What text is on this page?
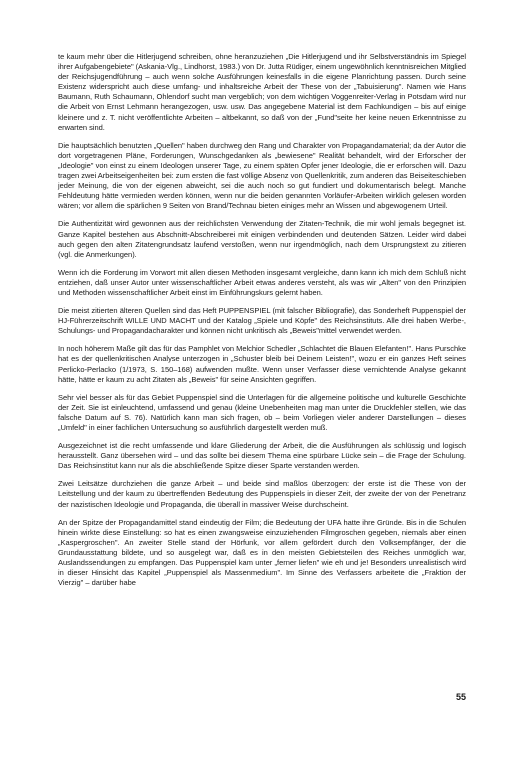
te kaum mehr über die Hitlerjugend schreiben, ohne heranzuziehen „Die Hitlerjugend und ihr Selbstverständnis im Spiegel ihrer Aufgabengebiete" (Askania-Vlg., Lindhorst, 1983.) von Dr. Jutta Rüdiger, einem ungewöhnlich kenntnisreichen Mitglied der Reichsjugendführung – auch wenn solche Ausführungen keinesfalls in die eigene Planrichtung passen. Durch seine Existenz widerspricht auch diese umfang- und inhaltsreiche Arbeit der These von der „Tabuisierung". Namen wie Hans Baumann, Ruth Schaumann, Ohlendorf sucht man vergeblich; von dem wichtigen Voggenreiter-Verlag in Potsdam wird nur die Arbeit von Ernst Lehmann herangezogen, usw. usw. Das angegebene Material ist dem Fachkundigen – bis auf einige kleinere und z. T. nicht veröffentlichte Arbeiten – altbekannt, so daß von der „Fund"seite her keine neuen Erkenntnisse zu erwarten sind.

Die hauptsächlich benutzten „Quellen" haben durchweg den Rang und Charakter von Propagandamaterial; da der Autor die dort vorgetragenen Pläne, Forderungen, Wunschgedanken als „bewiesene" Realität behandelt, wird der Erforscher der „Ideologie" von einst zu einem Ideologen unserer Tage, zu einem späten Opfer jener Ideologie, die er erforschen will. Dazu tragen zwei Arbeitseigenheiten bei: zum ersten die fast völlige Absenz von Quellenkritik, zum anderen das Beiseiteschieben jeder Meinung, die von der eigenen abweicht, sei die auch noch so gut fundiert und dokumentarisch belegt. Manche Fehldeutung hätte vermieden werden können, wenn nur die beiden genannten Vorläufer-Arbeiten wirklich gelesen worden wären; vor allem die spärlichen 9 Seiten von Brand/Technau bieten einiges mehr an Wissen und abgewogenem Urteil.

Die Authentizität wird gewonnen aus der reichlichsten Verwendung der Zitaten-Technik, die mir wohl jemals begegnet ist. Ganze Kapitel bestehen aus Abschnitt-Abschreiberei mit einigen verbindenden und deutenden Sätzen. Leider wird dabei auch gegen den alten Zitatengrundsatz laufend verstoßen, wenn nur irgendmöglich, nach dem Ursprungstext zu zitieren (vgl. die Anmerkungen).

Wenn ich die Forderung im Vorwort mit allen diesen Methoden insgesamt vergleiche, dann kann ich mich dem Schluß nicht entziehen, daß unser Autor unter wissenschaftlicher Arbeit etwas anderes versteht, als was wir „Alten" von den Prinzipien und Methoden wissenschaftlicher Arbeit einst im Einführungskurs gelernt haben.

Die meist zitierten älteren Quellen sind das Heft PUPPENSPIEL (mit falscher Bibliografie), das Sonderheft Puppenspiel der HJ-Führerzeitschrift WILLE UND MACHT und der Katalog „Spiele und Köpfe" des Reichsinstituts. Alle drei haben Werbe-, Schulungs- und Propagandacharakter und können nicht unkritisch als „Beweis"mittel verwendet werden.

In noch höherem Maße gilt das für das Pamphlet von Melchior Schedler „Schlachtet die Blauen Elefanten!". Hans Purschke hat es der quellenkritischen Analyse unterzogen in „Schuster bleib bei Deinem Leisten!", wozu er ein ganzes Heft seines Perlicko-Perlacko (1/1973, S. 150–168) aufwenden mußte. Wenn unser Verfasser diese vernichtende Analyse gekannt hätte, hätte er kaum zu acht Zitaten als „Beweis" für seine Ansichten gegriffen.

Sehr viel besser als für das Gebiet Puppenspiel sind die Unterlagen für die allgemeine politische und kulturelle Geschichte der Zeit. Sie ist einleuchtend, umfassend und genau (kleine Unebenheiten mag man unter die Druckfehler stellen, wie das falsche Datum auf S. 76). Natürlich kann man sich fragen, ob – beim Vorliegen vieler anderer Darstellungen – dieses „Umfeld" in einer fachlichen Untersuchung so ausführlich dargestellt werden muß.

Ausgezeichnet ist die recht umfassende und klare Gliederung der Arbeit, die die Ausführungen als schlüssig und logisch herausstellt. Ganz übersehen wird – und das sollte bei diesem Thema eine spürbare Lücke sein – die Frage der Schulung. Das Reichsinstitut kann nur als die abschließende Spitze dieser Sparte verstanden werden.

Zwei Leitsätze durchziehen die ganze Arbeit – und beide sind maßlos überzogen: der erste ist die These von der Leitstellung und der kaum zu übertreffenden Bedeutung des Puppenspiels in dieser Zeit, der zweite der von der Penetranz der nazistischen Ideologie und Propaganda, die überall in massiver Weise durchscheint.

An der Spitze der Propagandamittel stand eindeutig der Film; die Bedeutung der UFA hatte ihre Gründe. Bis in die Schulen hinein wirkte diese Einstellung: so hat es einen zwangsweise einzuziehenden Filmgroschen gegeben, niemals aber einen „Kaspergroschen". An zweiter Stelle stand der Hörfunk, vor allem gefördert durch den Volksempfänger, der die Grundausstattung bildete, und so ausgelegt war, daß es in den meisten Gebietsteilen des Reiches unmöglich war, Auslandssendungen zu empfangen. Das Puppenspiel kam unter „ferner liefen" wie eh und je! Besonders unrealistisch wird in dieser Hinsicht das Kapitel „Puppenspiel als Massenmedium". Im Sinne des Verfassers arbeitete die „Fraktion der Vierzig" – darüber habe

55
